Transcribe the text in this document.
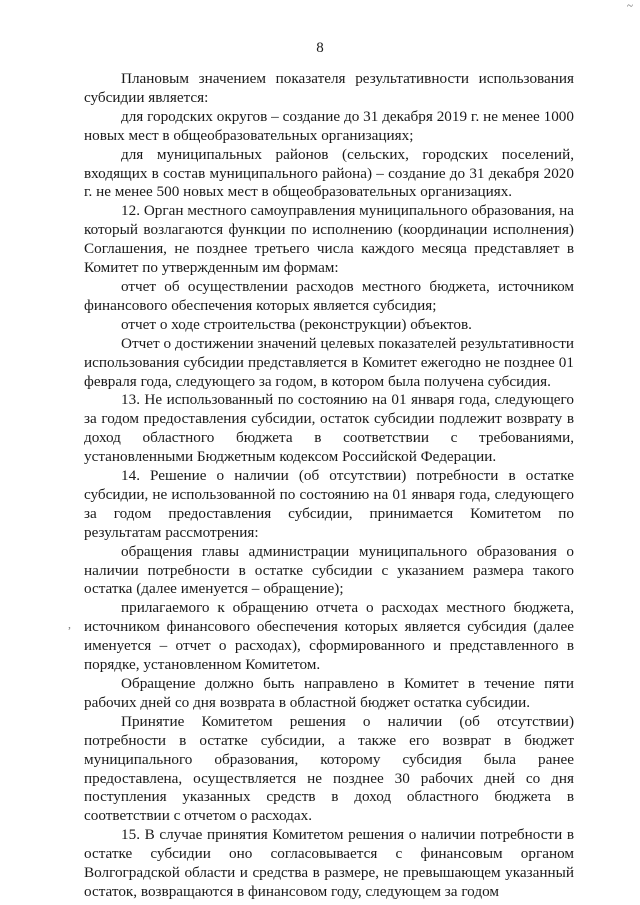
~
8
,

Плановым значением показателя результативности использования субсидии является:

для городских округов – создание до 31 декабря 2019 г. не менее 1000 новых мест в общеобразовательных организациях;

для муниципальных районов (сельских, городских поселений, входящих в состав муниципального района) – создание до 31 декабря 2020 г. не менее 500 новых мест в общеобразовательных организациях.

12. Орган местного самоуправления муниципального образования, на который возлагаются функции по исполнению (координации исполнения) Соглашения, не позднее третьего числа каждого месяца представляет в Комитет по утвержденным им формам:

отчет об осуществлении расходов местного бюджета, источником финансового обеспечения которых является субсидия;

отчет о ходе строительства (реконструкции) объектов.

Отчет о достижении значений целевых показателей результативности использования субсидии представляется в Комитет ежегодно не позднее 01 февраля года, следующего за годом, в котором была получена субсидия.

13. Не использованный по состоянию на 01 января года, следующего за годом предоставления субсидии, остаток субсидии подлежит возврату в доход областного бюджета в соответствии с требованиями, установленными Бюджетным кодексом Российской Федерации.

14. Решение о наличии (об отсутствии) потребности в остатке субсидии, не использованной по состоянию на 01 января года, следующего за годом предоставления субсидии, принимается Комитетом по результатам рассмотрения:

обращения главы администрации муниципального образования о наличии потребности в остатке субсидии с указанием размера такого остатка (далее именуется – обращение);

прилагаемого к обращению отчета о расходах местного бюджета, источником финансового обеспечения которых является субсидия (далее именуется – отчет о расходах), сформированного и представленного в порядке, установленном Комитетом.

Обращение должно быть направлено в Комитет в течение пяти рабочих дней со дня возврата в областной бюджет остатка субсидии.

Принятие Комитетом решения о наличии (об отсутствии) потребности в остатке субсидии, а также его возврат в бюджет муниципального образования, которому субсидия была ранее предоставлена, осуществляется не позднее 30 рабочих дней со дня поступления указанных средств в доход областного бюджета в соответствии с отчетом о расходах.

15. В случае принятия Комитетом решения о наличии потребности в остатке субсидии оно согласовывается с финансовым органом Волгоградской области и средства в размере, не превышающем указанный остаток, возвращаются в финансовом году, следующем за годом
